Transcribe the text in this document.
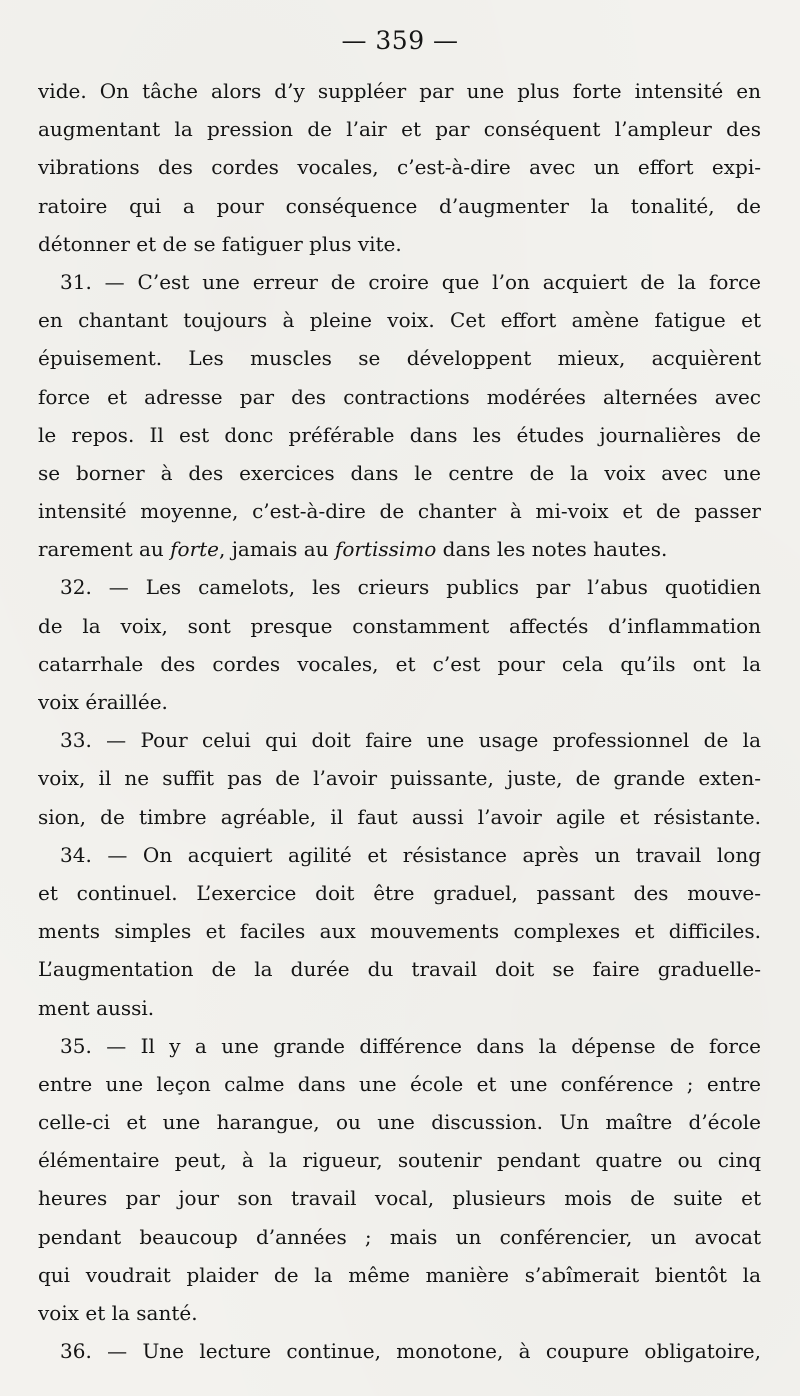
— 359 —
vide. On tâche alors d’y suppléer par une plus forte intensité en
augmentant la pression de l’air et par conséquent l’ampleur des
vibrations des cordes vocales, c’est-à-dire avec un effort expi-
ratoire qui a pour conséquence d’augmenter la tonalité, de
détonner et de se fatiguer plus vite.
31. — C’est une erreur de croire que l’on acquiert de la force
en chantant toujours à pleine voix. Cet effort amène fatigue et
épuisement. Les muscles se développent mieux, acquièrent
force et adresse par des contractions modérées alternées avec
le repos. Il est donc préférable dans les études journalières de
se borner à des exercices dans le centre de la voix avec une
intensité moyenne, c’est-à-dire de chanter à mi-voix et de passer
rarement au forte, jamais au fortissimo dans les notes hautes.
32. — Les camelots, les crieurs publics par l’abus quotidien
de la voix, sont presque constamment affectés d’inflammation
catarrhale des cordes vocales, et c’est pour cela qu’ils ont la
voix éraillée.
33. — Pour celui qui doit faire une usage professionnel de la
voix, il ne suffit pas de l’avoir puissante, juste, de grande exten-
sion, de timbre agréable, il faut aussi l’avoir agile et résistante.
34. — On acquiert agilité et résistance après un travail long
et continuel. L’exercice doit être graduel, passant des mouve-
ments simples et faciles aux mouvements complexes et difficiles.
L’augmentation de la durée du travail doit se faire graduelle-
ment aussi.
35. — Il y a une grande différence dans la dépense de force
entre une leçon calme dans une école et une conférence ; entre
celle-ci et une harangue, ou une discussion. Un maître d’école
élémentaire peut, à la rigueur, soutenir pendant quatre ou cinq
heures par jour son travail vocal, plusieurs mois de suite et
pendant beaucoup d’années ; mais un conférencier, un avocat
qui voudrait plaider de la même manière s’abîmerait bientôt la
voix et la santé.
36. — Une lecture continue, monotone, à coupure obligatoire,
